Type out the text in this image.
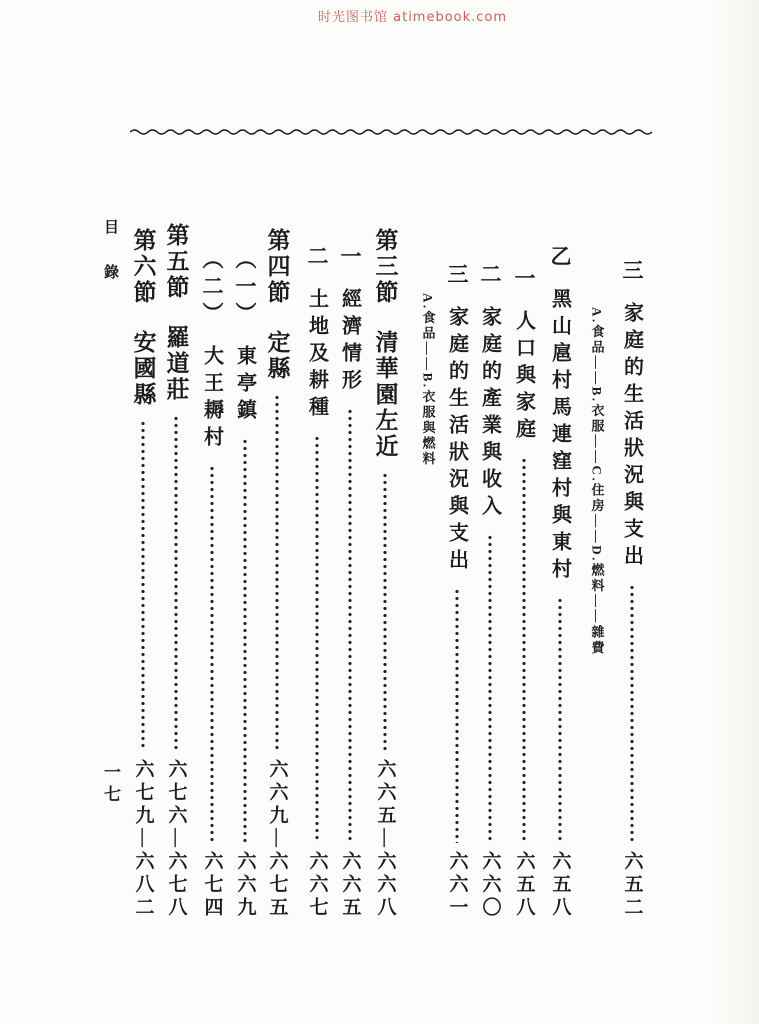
时光图书馆 atimebook.com
目錄
一七
三
家庭的生活狀況與支出
六五二
A.食品——B.衣服——C.住房——D.燃料——雜費
乙
黑山扈村馬連窪村與東村
六五八
一
人口與家庭
六五八
二
家庭的產業與收入
六六〇
三
家庭的生活狀況與支出
六六一
A.食品——B.衣服與燃料
第三節
清華園左近
六六五—六六八
一
經濟情形
六六五
二
土地及耕種
六六七
第四節
定縣
六六九—六七五
（一）
東亭鎮
六六九
（二）
大王耨村
六七四
第五節
羅道莊
六七六—六七八
第六節
安國縣
六七九—六八二
